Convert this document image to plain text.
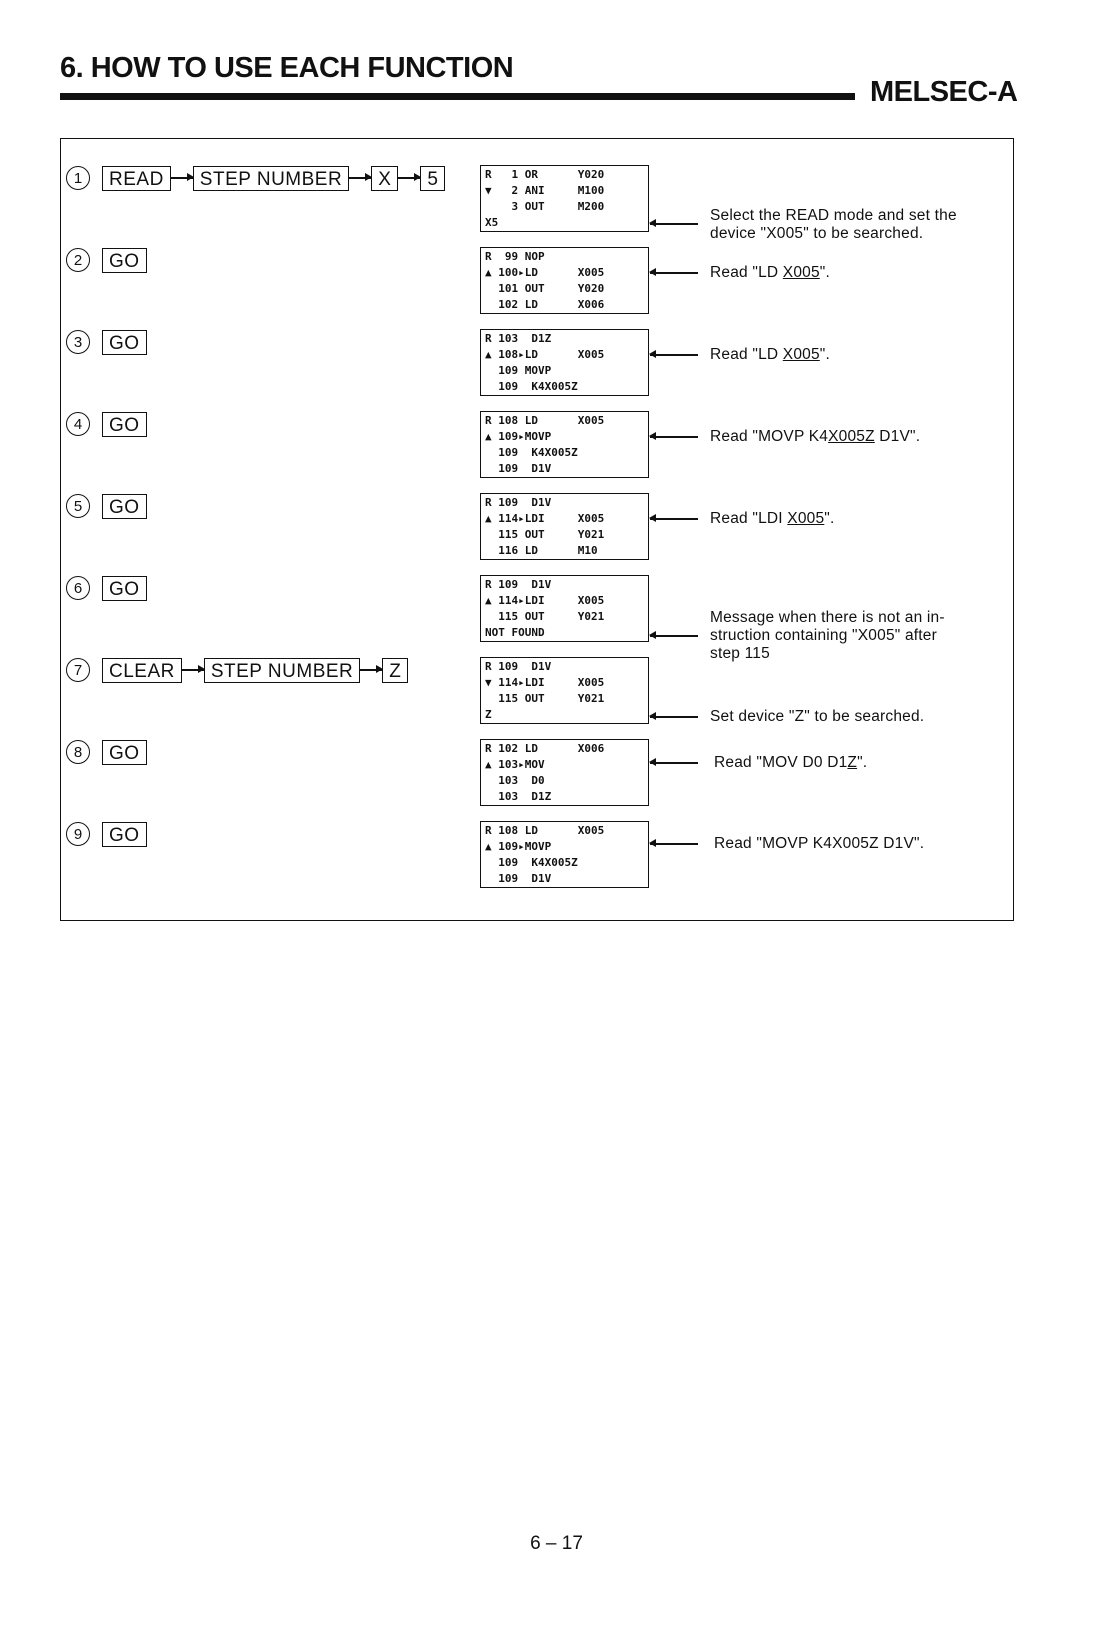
6. HOW TO USE EACH FUNCTION
MELSEC-A
1	READ	STEP NUMBER	X	5
2	GO
3	GO
4	GO
5	GO
6	GO
7	CLEAR	STEP NUMBER	Z
8	GO
9	GO
R   1 OR      Y020
▼   2 ANI     M100
3 OUT     M200
X5
R  99 NOP
▲ 100▸LD      X005
101 OUT     Y020
102 LD      X006
R 103  D1Z
▲ 108▸LD      X005
109 MOVP
109  K4X005Z
R 108 LD      X005
▲ 109▸MOVP
109  K4X005Z
109  D1V
R 109  D1V
▲ 114▸LDI     X005
115 OUT     Y021
116 LD      M10
R 109  D1V
▲ 114▸LDI     X005
115 OUT     Y021
NOT FOUND
R 109  D1V
▼ 114▸LDI     X005
115 OUT     Y021
Z
R 102 LD      X006
▲ 103▸MOV
103  D0
103  D1Z
R 108 LD      X005
▲ 109▸MOVP
109  K4X005Z
109  D1V
Select the READ mode and set the
device "X005" to be searched.
Read "LD X005".
Read "LD X005".
Read "MOVP K4X005Z D1V".
Read "LDI X005".
Message when there is not an in-
struction containing "X005" after
step 115
Set device "Z" to be searched.
Read "MOV D0 D1Z".
Read "MOVP K4X005Z D1V".
6 – 17
